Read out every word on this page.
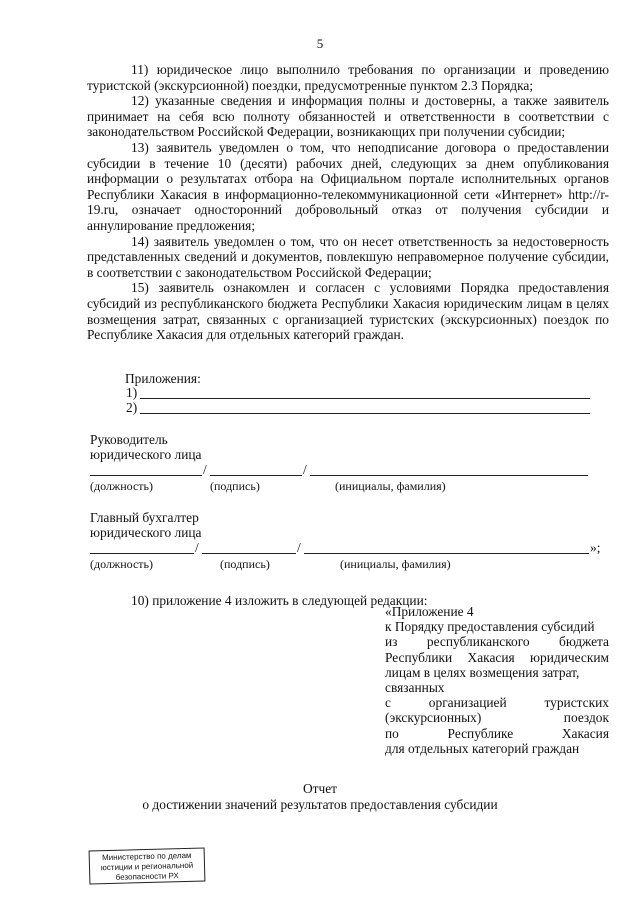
5

11) юридическое лицо выполнило требования по организации и проведению туристской (экскурсионной) поездки, предусмотренные пунктом 2.3 Порядка;

12) указанные сведения и информация полны и достоверны, а также заявитель принимает на себя всю полноту обязанностей и ответственности в соответствии с законодательством Российской Федерации, возникающих при получении субсидии;

13) заявитель уведомлен о том, что неподписание договора о предоставлении субсидии в течение 10 (десяти) рабочих дней, следующих за днем опубликования информации о результатах отбора на Официальном портале исполнительных органов Республики Хакасия в информационно-телекоммуникационной сети «Интернет» http://r-19.ru, означает односторонний добровольный отказ от получения субсидии и аннулирование предложения;

14) заявитель уведомлен о том, что он несет ответственность за недостоверность представленных сведений и документов, повлекшую неправомерное получение субсидии, в соответствии с законодательством Российской Федерации;

15) заявитель ознакомлен и согласен с условиями Порядка предоставления субсидий из республиканского бюджета Республики Хакасия юридическим лицам в целях возмещения затрат, связанных с организацией туристских (экскурсионных) поездок по Республике Хакасия для отдельных категорий граждан.

Приложения:
1)
2)
Руководитель
юридического лица
/	/
(должность)	(подпись)	(инициалы, фамилия)
Главный бухгалтер
юридического лица
/	/	»;
(должность)	(подпись)	(инициалы, фамилия)
10) приложение 4 изложить в следующей редакции:

«Приложение 4

к Порядку предоставления субсидий

из республиканского бюджета

Республики Хакасия юридическим

лицам в целях возмещения затрат,

связанных

с организацией туристских

(экскурсионных) поездок

по Республике Хакасия

для отдельных категорий граждан

Отчет
о достижении значений результатов предоставления субсидии
Министерство по делам
юстиции и региональной
безопасности РХ
